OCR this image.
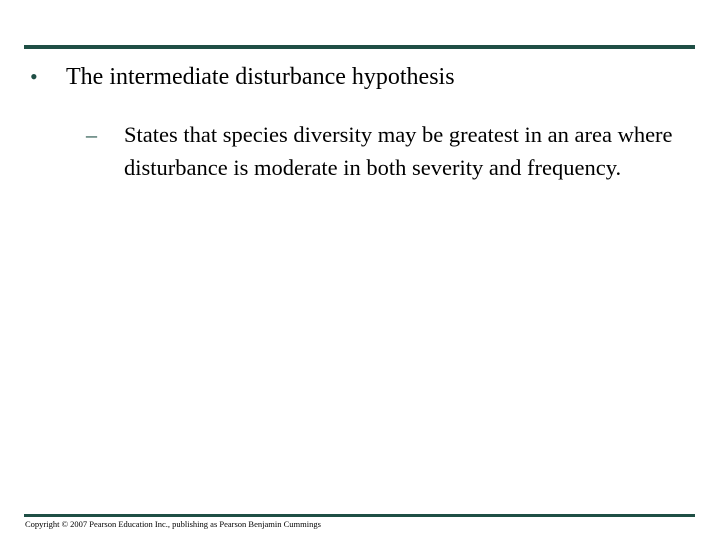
•	The intermediate disturbance hypothesis
–	States that species diversity may be greatest in an area where disturbance is moderate in both severity and frequency.
Copyright © 2007 Pearson Education Inc., publishing as Pearson Benjamin Cummings
